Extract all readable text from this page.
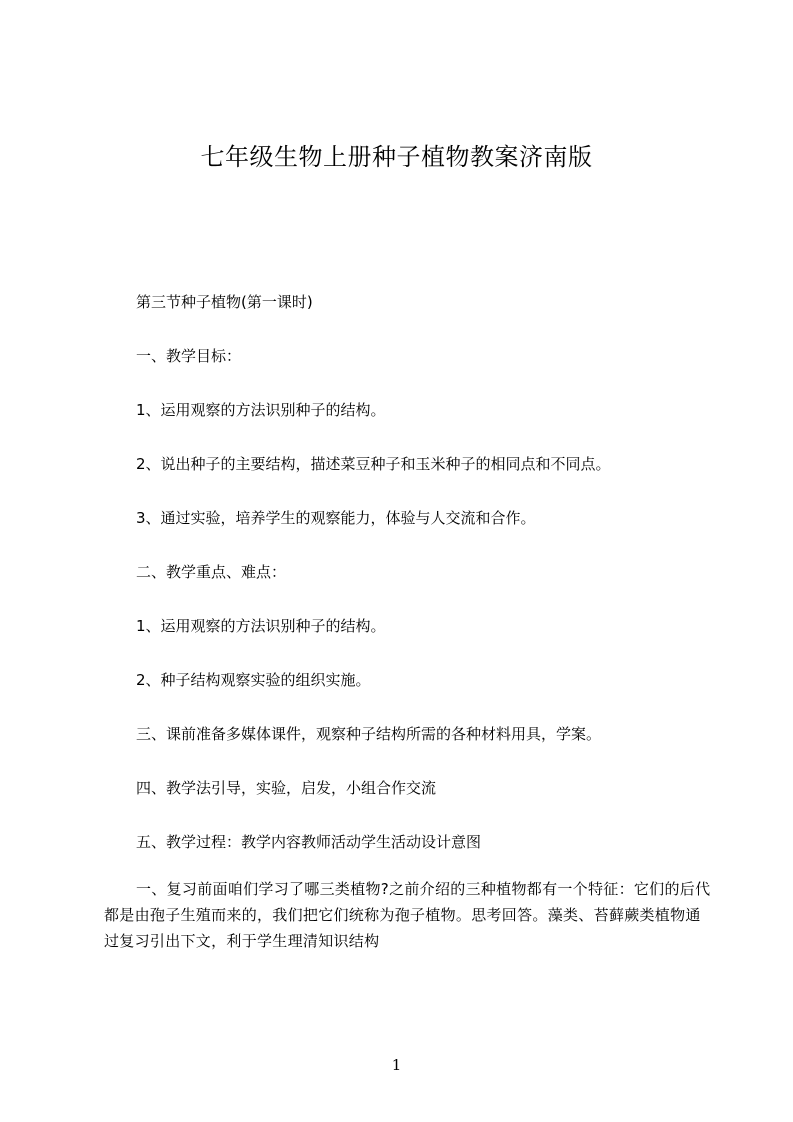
七年级生物上册种子植物教案济南版
第三节种子植物(第一课时)
一、教学目标：
1、运用观察的方法识别种子的结构。
2、说出种子的主要结构，描述菜豆种子和玉米种子的相同点和不同点。
3、通过实验，培养学生的观察能力，体验与人交流和合作。
二、教学重点、难点：
1、运用观察的方法识别种子的结构。
2、种子结构观察实验的组织实施。
三、课前准备多媒体课件，观察种子结构所需的各种材料用具，学案。
四、教学法引导，实验，启发，小组合作交流
五、教学过程：教学内容教师活动学生活动设计意图
一、复习前面咱们学习了哪三类植物?之前介绍的三种植物都有一个特征：它们的后代都是由孢子生殖而来的，我们把它们统称为孢子植物。思考回答。藻类、苔藓蕨类植物通过复习引出下文，利于学生理清知识结构
1
